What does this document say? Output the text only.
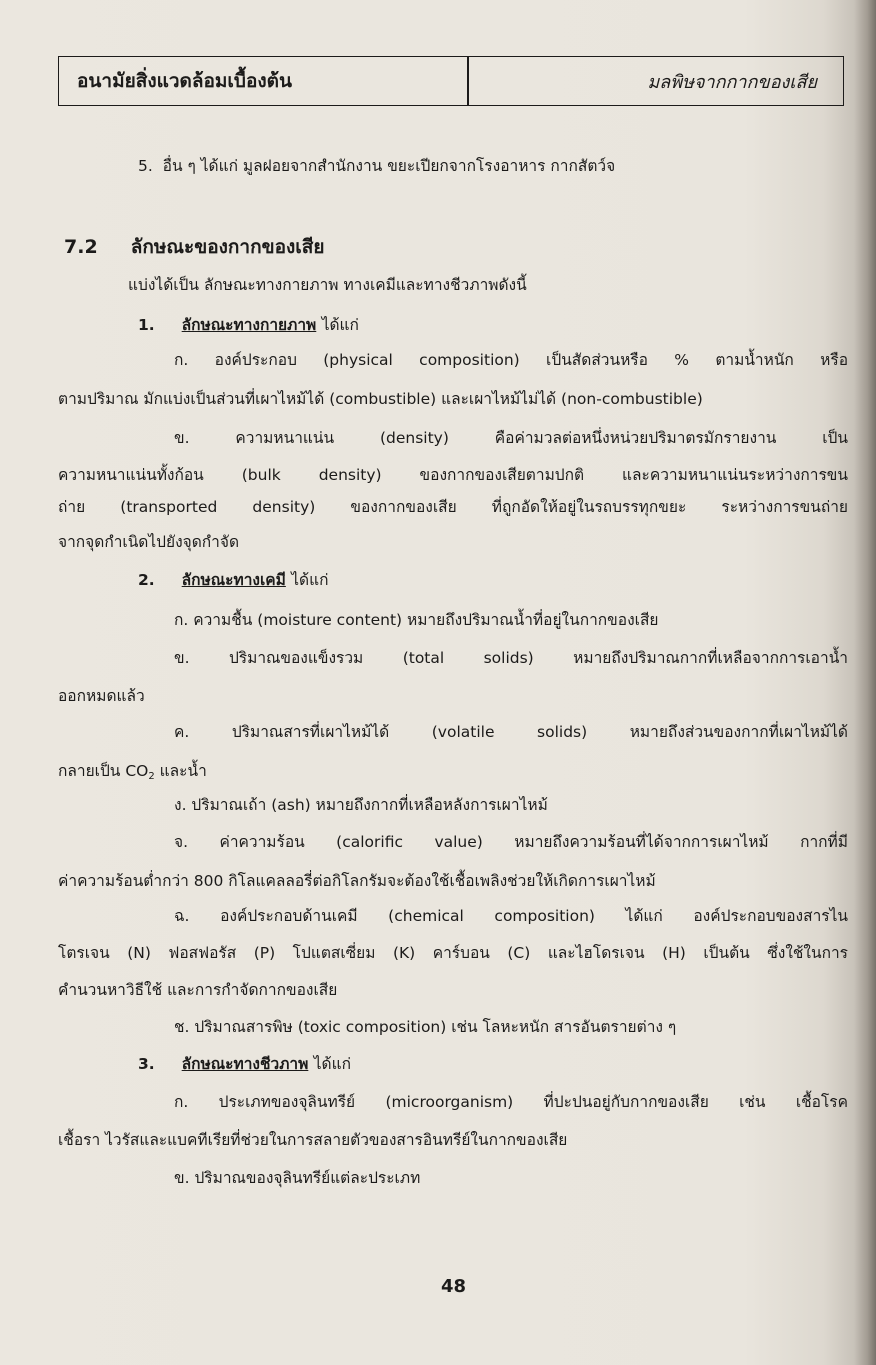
อนามัยสิ่งแวดล้อมเบื้องต้น	มลพิษจากกากของเสีย
5. อื่น ๆ ได้แก่ มูลฝอยจากสำนักงาน ขยะเปียกจากโรงอาหาร กากสัตว์จ
7.2 ลักษณะของกากของเสีย
แบ่งได้เป็น ลักษณะทางกายภาพ ทางเคมีและทางชีวภาพดังนี้
1. ลักษณะทางกายภาพ ได้แก่
ก. องค์ประกอบ (physical composition) เป็นสัดส่วนหรือ % ตามน้ำหนัก หรือ
ตามปริมาณ มักแบ่งเป็นส่วนที่เผาไหม้ได้ (combustible) และเผาไหม้ไม่ได้ (non-combustible)
ข. ความหนาแน่น (density) คือค่ามวลต่อหนึ่งหน่วยปริมาตรมักรายงาน เป็น
ความหนาแน่นทั้งก้อน (bulk density) ของกากของเสียตามปกติ และความหนาแน่นระหว่างการขน
ถ่าย (transported density) ของกากของเสีย ที่ถูกอัดให้อยู่ในรถบรรทุกขยะ ระหว่างการขนถ่าย
จากจุดกำเนิดไปยังจุดกำจัด
2. ลักษณะทางเคมี ได้แก่
ก. ความชื้น (moisture content) หมายถึงปริมาณน้ำที่อยู่ในกากของเสีย
ข. ปริมาณของแข็งรวม (total solids) หมายถึงปริมาณกากที่เหลือจากการเอาน้ำ
ออกหมดแล้ว
ค. ปริมาณสารที่เผาไหม้ได้ (volatile solids) หมายถึงส่วนของกากที่เผาไหม้ได้
กลายเป็น $CO_2$ และน้ำ
ง. ปริมาณเถ้า (ash) หมายถึงกากที่เหลือหลังการเผาไหม้
จ. ค่าความร้อน (calorific value) หมายถึงความร้อนที่ได้จากการเผาไหม้ กากที่มี
ค่าความร้อนต่ำกว่า 800 กิโลแคลลอรี่ต่อกิโลกรัมจะต้องใช้เชื้อเพลิงช่วยให้เกิดการเผาไหม้
ฉ. องค์ประกอบด้านเคมี (chemical composition) ได้แก่ องค์ประกอบของสารไน
โตรเจน (N) ฟอสฟอรัส (P) โปแตสเซี่ยม (K) คาร์บอน (C) และไฮโดรเจน (H) เป็นต้น ซึ่งใช้ในการ
คำนวนหาวิธีใช้ และการกำจัดกากของเสีย
ช. ปริมาณสารพิษ (toxic composition) เช่น โลหะหนัก สารอันตรายต่าง ๆ
3. ลักษณะทางชีวภาพ ได้แก่
ก. ประเภทของจุลินทรีย์ (microorganism) ที่ปะปนอยู่กับกากของเสีย เช่น เชื้อโรค
เชื้อรา ไวรัสและแบคทีเรียที่ช่วยในการสลายตัวของสารอินทรีย์ในกากของเสีย
ข. ปริมาณของจุลินทรีย์แต่ละประเภท
48
